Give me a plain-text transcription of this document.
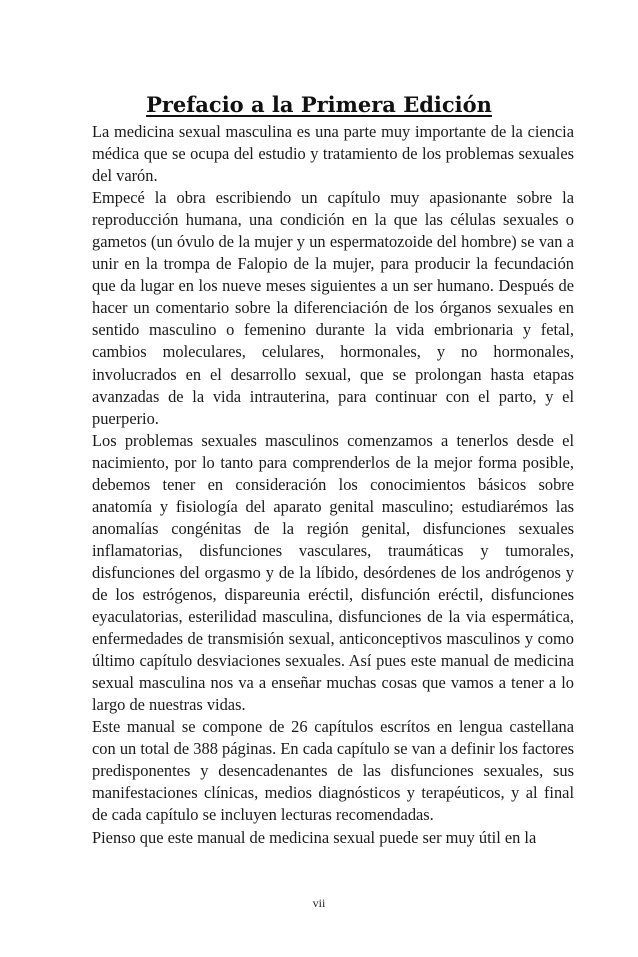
Prefacio a la Primera Edición

La medicina sexual masculina es una parte muy importante de la ciencia médica que se ocupa del estudio y tratamiento de los problemas sexuales del varón.

Empecé la obra escribiendo un capítulo muy apasionante sobre la reproducción humana, una condición en la que las células sexuales o gametos (un óvulo de la mujer y un espermatozoide del hombre) se van a unir en la trompa de Falopio de la mujer, para producir la fecundación que da lugar en los nueve meses siguientes a un ser humano. Después de hacer un comentario sobre la diferenciación de los órganos sexuales en sentido masculino o femenino durante la vida embrionaria y fetal, cambios moleculares, celulares, hormonales, y no hormonales, involucrados en el desarrollo sexual, que se prolongan hasta etapas avanzadas de la vida intrauterina, para continuar con el parto, y el puerperio.

Los problemas sexuales masculinos comenzamos a tenerlos desde el nacimiento, por lo tanto para comprenderlos de la mejor forma posible, debemos tener en consideración los conocimientos básicos sobre anatomía y fisiología del aparato genital masculino; estudiarémos las anomalías congénitas de la región genital, disfunciones sexuales inflamatorias, disfunciones vasculares, traumáticas y tumorales, disfunciones del orgasmo y de la líbido, desórdenes de los andrógenos y de los estrógenos, dispareunia eréctil, disfunción eréctil, disfunciones eyaculatorias, esterilidad masculina, disfunciones de la via espermática, enfermedades de transmisión sexual, anticonceptivos masculinos y como último capítulo desviaciones sexuales. Así pues este manual de medicina sexual masculina nos va a enseñar muchas cosas que vamos a tener a lo largo de nuestras vidas.

Este manual se compone de 26 capítulos escrítos en lengua castellana con un total de 388 páginas. En cada capítulo se van a definir los factores predisponentes y desencadenantes de las disfunciones sexuales, sus manifestaciones clínicas, medios diagnósticos y terapéuticos, y al final de cada capítulo se incluyen lecturas recomendadas.

Pienso que este manual de medicina sexual puede ser muy útil en la

vii
